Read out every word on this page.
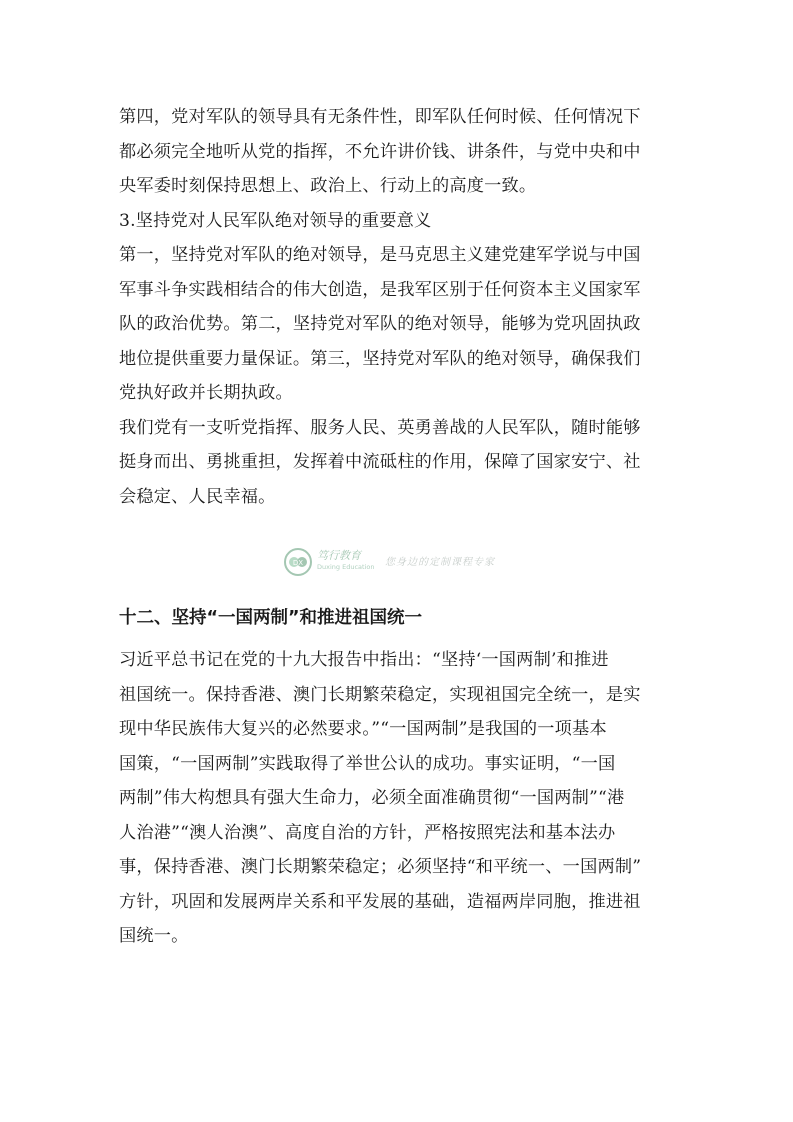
第四，党对军队的领导具有无条件性，即军队任何时候、任何情况下
都必须完全地听从党的指挥，不允许讲价钱、讲条件，与党中央和中
央军委时刻保持思想上、政治上、行动上的高度一致。
3.坚持党对人民军队绝对领导的重要意义
第一，坚持党对军队的绝对领导，是马克思主义建党建军学说与中国
军事斗争实践相结合的伟大创造，是我军区别于任何资本主义国家军
队的政治优势。第二，坚持党对军队的绝对领导，能够为党巩固执政
地位提供重要力量保证。第三，坚持党对军队的绝对领导，确保我们
党执好政并长期执政。
我们党有一支听党指挥、服务人民、英勇善战的人民军队，随时能够
挺身而出、勇挑重担，发挥着中流砥柱的作用，保障了国家安宁、社
会稳定、人民幸福。
DX
笃行教育
Duxing Education 您身边的定制课程专家
十二、坚持“一国两制”和推进祖国统一
习近平总书记在党的十九大报告中指出：“坚持‘一国两制’和推进
祖国统一。保持香港、澳门长期繁荣稳定，实现祖国完全统一，是实
现中华民族伟大复兴的必然要求。”“一国两制”是我国的一项基本
国策，“一国两制”实践取得了举世公认的成功。事实证明，“一国
两制”伟大构想具有强大生命力，必须全面准确贯彻“一国两制”“港
人治港”“澳人治澳”、高度自治的方针，严格按照宪法和基本法办
事，保持香港、澳门长期繁荣稳定；必须坚持“和平统一、一国两制”
方针，巩固和发展两岸关系和平发展的基础，造福两岸同胞，推进祖
国统一。
